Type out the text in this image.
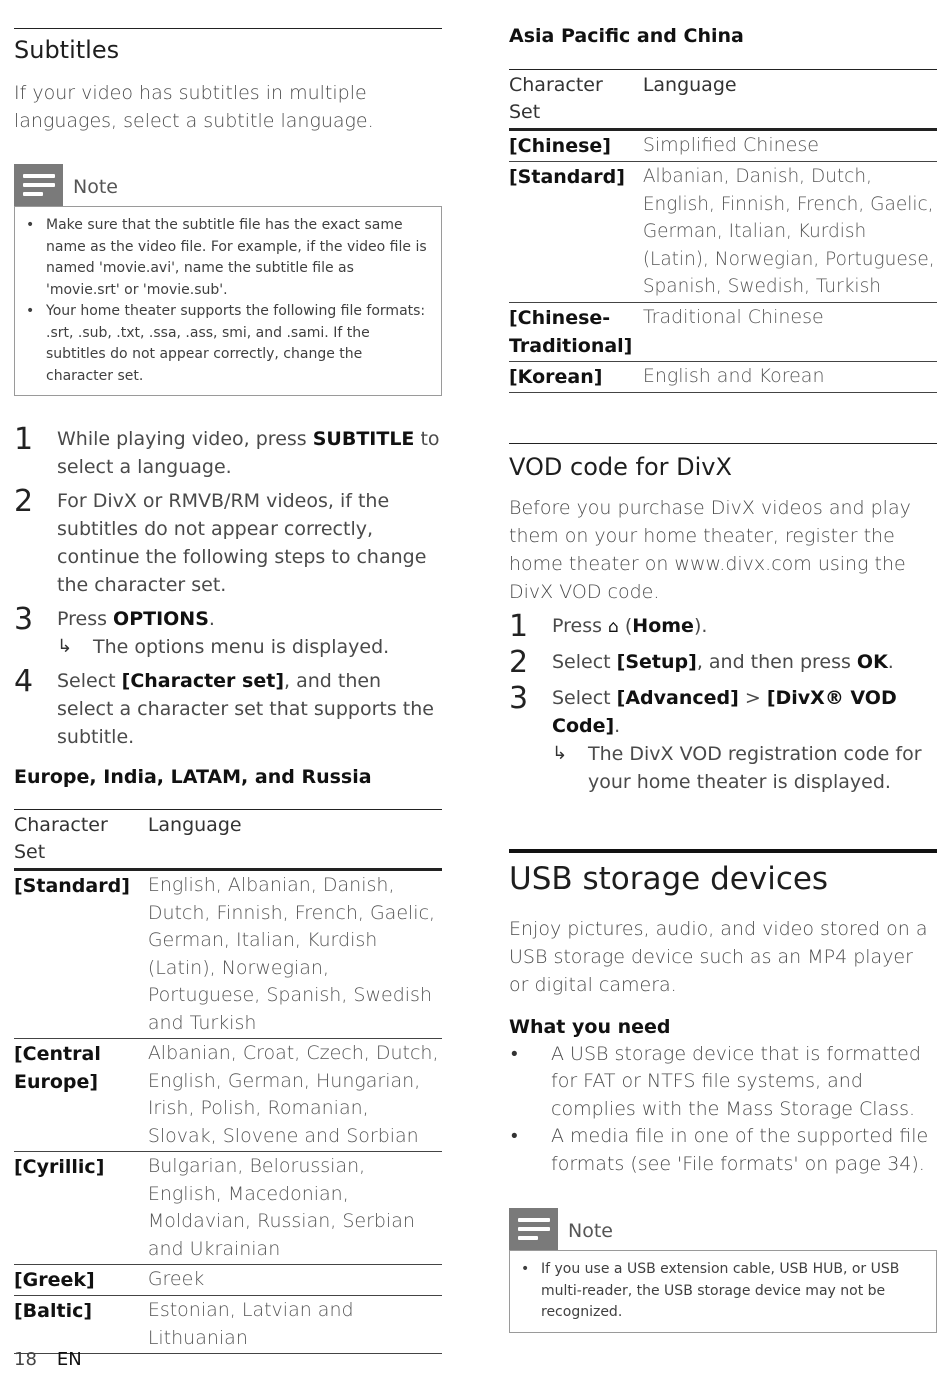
Subtitles

If your video has subtitles in multiple languages, select a subtitle language.

Note
• Make sure that the subtitle file has the exact same name as the video file. For example, if the video file is named 'movie.avi', name the subtitle file as 'movie.srt' or 'movie.sub'.
• Your home theater supports the following file formats: .srt, .sub, .txt, .ssa, .ass, smi, and .sami. If the subtitles do not appear correctly, change the character set.
1	While playing video, press SUBTITLE to select a language.
2	For DivX or RMVB/RM videos, if the subtitles do not appear correctly, continue the following steps to change the character set.
3	Press OPTIONS.
↳	The options menu is displayed.
4	Select [Character set], and then select a character set that supports the subtitle.
Europe, India, LATAM, and Russia
Character Set	Language
[Standard]	English, Albanian, Danish, Dutch, Finnish, French, Gaelic, German, Italian, Kurdish (Latin), Norwegian, Portuguese, Spanish, Swedish and Turkish
[Central Europe]	Albanian, Croat, Czech, Dutch, English, German, Hungarian, Irish, Polish, Romanian, Slovak, Slovene and Sorbian
[Cyrillic]	Bulgarian, Belorussian, English, Macedonian, Moldavian, Russian, Serbian and Ukrainian
[Greek]	Greek
[Baltic]	Estonian, Latvian and Lithuanian
Asia Pacific and China
Character Set	Language
[Chinese]	Simplified Chinese
[Standard]	Albanian, Danish, Dutch, English, Finnish, French, Gaelic, German, Italian, Kurdish (Latin), Norwegian, Portuguese, Spanish, Swedish, Turkish
[Chinese-Traditional]	Traditional Chinese
[Korean]	English and Korean
VOD code for DivX

Before you purchase DivX videos and play them on your home theater, register the home theater on www.divx.com using the DivX VOD code.

1	Press ⌂ (Home).
2	Select [Setup], and then press OK.
3	Select [Advanced] > [DivX® VOD Code].
↳	The DivX VOD registration code for your home theater is displayed.
USB storage devices

Enjoy pictures, audio, and video stored on a USB storage device such as an MP4 player or digital camera.

What you need
• A USB storage device that is formatted for FAT or NTFS file systems, and complies with the Mass Storage Class.
• A media file in one of the supported file formats (see 'File formats' on page 34).
Note
• If you use a USB extension cable, USB HUB, or USB multi-reader, the USB storage device may not be recognized.
18 EN
